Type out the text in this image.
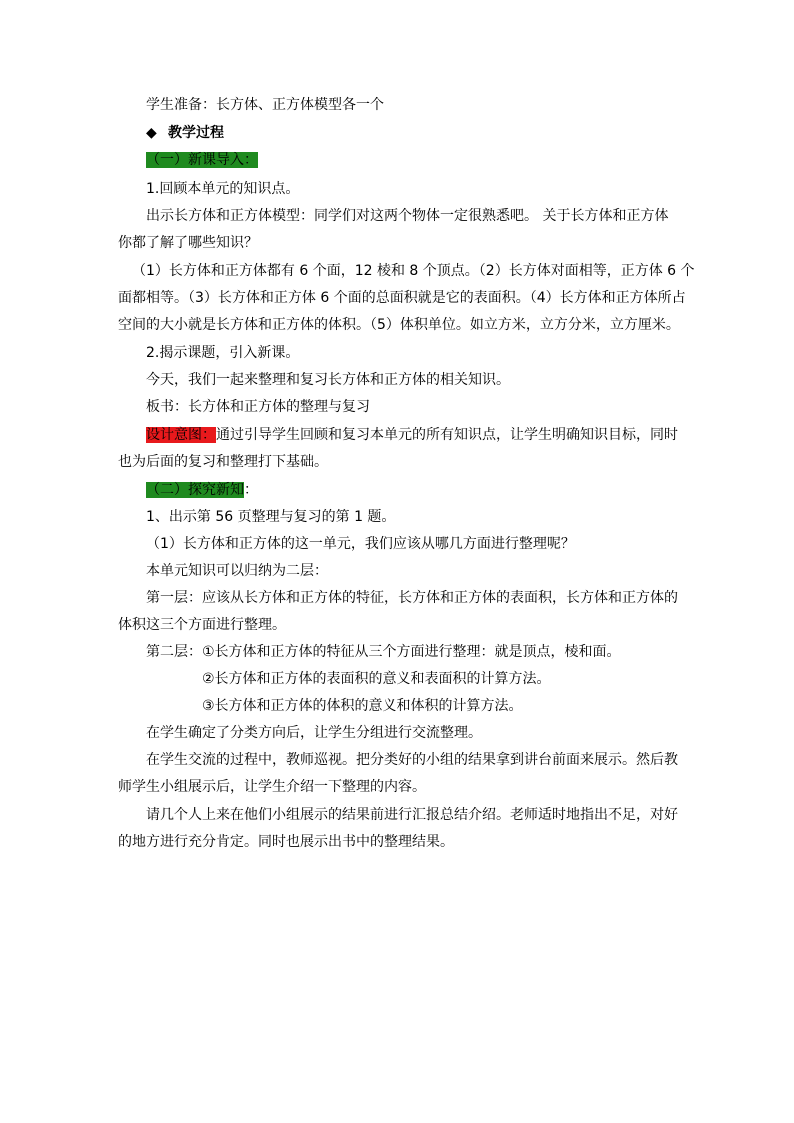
学生准备：长方体、正方体模型各一个
◆ 教学过程
（一）新课导入：
1.回顾本单元的知识点。
出示长方体和正方体模型：同学们对这两个物体一定很熟悉吧。 关于长方体和正方体
你都了解了哪些知识？
（1）长方体和正方体都有 6 个面，12 棱和 8 个顶点。（2）长方体对面相等，正方体 6 个
面都相等。（3）长方体和正方体 6 个面的总面积就是它的表面积。（4）长方体和正方体所占
空间的大小就是长方体和正方体的体积。（5）体积单位。如立方米，立方分米，立方厘米。
2.揭示课题，引入新课。
今天，我们一起来整理和复习长方体和正方体的相关知识。
板书：长方体和正方体的整理与复习
设计意图：通过引导学生回顾和复习本单元的所有知识点，让学生明确知识目标，同时
也为后面的复习和整理打下基础。
（二）探究新知：
1、出示第 56 页整理与复习的第 1 题。
（1）长方体和正方体的这一单元，我们应该从哪几方面进行整理呢？
本单元知识可以归纳为二层：
第一层：应该从长方体和正方体的特征，长方体和正方体的表面积，长方体和正方体的
体积这三个方面进行整理。
第二层：①长方体和正方体的特征从三个方面进行整理：就是顶点，棱和面。
②长方体和正方体的表面积的意义和表面积的计算方法。
③长方体和正方体的体积的意义和体积的计算方法。
在学生确定了分类方向后，让学生分组进行交流整理。
在学生交流的过程中，教师巡视。把分类好的小组的结果拿到讲台前面来展示。然后教
师学生小组展示后，让学生介绍一下整理的内容。
请几个人上来在他们小组展示的结果前进行汇报总结介绍。老师适时地指出不足，对好
的地方进行充分肯定。同时也展示出书中的整理结果。
